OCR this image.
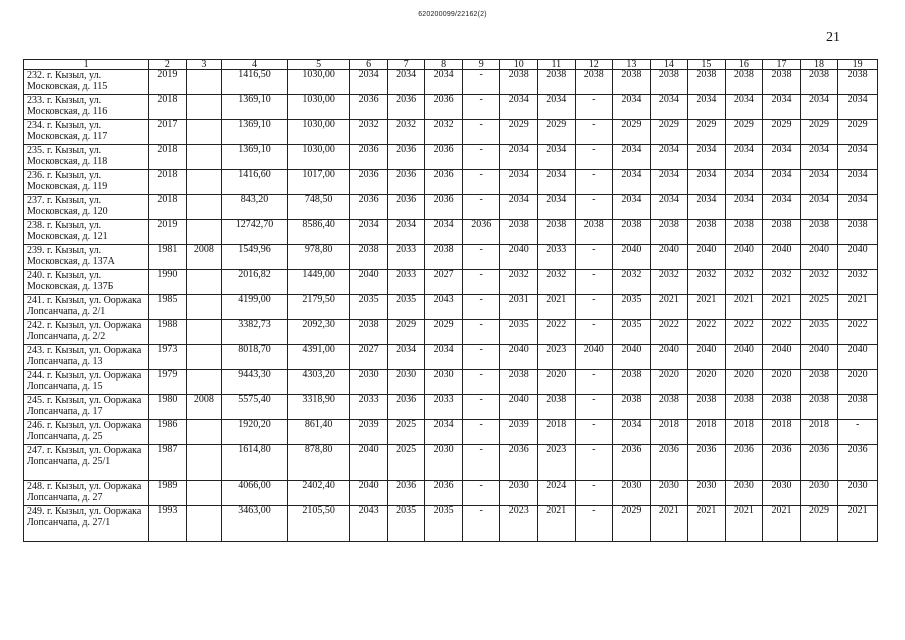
620200099/22162(2)
21
1	2	3	4	5	6	7	8	9	10	11	12	13	14	15	16	17	18	19
232. г. Кызыл, ул. Московская, д. 115	2019		1416,50	1030,00	2034	2034	2034	-	2038	2038	2038	2038	2038	2038	2038	2038	2038	2038
233. г. Кызыл, ул. Московская, д. 116	2018		1369,10	1030,00	2036	2036	2036	-	2034	2034	-	2034	2034	2034	2034	2034	2034	2034
234. г. Кызыл, ул. Московская, д. 117	2017		1369,10	1030,00	2032	2032	2032	-	2029	2029	-	2029	2029	2029	2029	2029	2029	2029
235. г. Кызыл, ул. Московская, д. 118	2018		1369,10	1030,00	2036	2036	2036	-	2034	2034	-	2034	2034	2034	2034	2034	2034	2034
236. г. Кызыл, ул. Московская, д. 119	2018		1416,60	1017,00	2036	2036	2036	-	2034	2034	-	2034	2034	2034	2034	2034	2034	2034
237. г. Кызыл, ул. Московская, д. 120	2018		843,20	748,50	2036	2036	2036	-	2034	2034	-	2034	2034	2034	2034	2034	2034	2034
238. г. Кызыл, ул. Московская, д. 121	2019		12742,70	8586,40	2034	2034	2034	2036	2038	2038	2038	2038	2038	2038	2038	2038	2038	2038
239. г. Кызыл, ул. Московская, д. 137А	1981	2008	1549,96	978,80	2038	2033	2038	-	2040	2033	-	2040	2040	2040	2040	2040	2040	2040
240. г. Кызыл, ул. Московская, д. 137Б	1990		2016,82	1449,00	2040	2033	2027	-	2032	2032	-	2032	2032	2032	2032	2032	2032	2032
241. г. Кызыл, ул. Ооржака Лопсанчапа, д. 2/1	1985		4199,00	2179,50	2035	2035	2043	-	2031	2021	-	2035	2021	2021	2021	2021	2025	2021
242. г. Кызыл, ул. Ооржака Лопсанчапа, д. 2/2	1988		3382,73	2092,30	2038	2029	2029	-	2035	2022	-	2035	2022	2022	2022	2022	2035	2022
243. г. Кызыл, ул. Ооржака Лопсанчапа, д. 13	1973		8018,70	4391,00	2027	2034	2034	-	2040	2023	2040	2040	2040	2040	2040	2040	2040	2040
244. г. Кызыл, ул. Ооржака Лопсанчапа, д. 15	1979		9443,30	4303,20	2030	2030	2030	-	2038	2020	-	2038	2020	2020	2020	2020	2038	2020
245. г. Кызыл, ул. Ооржака Лопсанчапа, д. 17	1980	2008	5575,40	3318,90	2033	2036	2033	-	2040	2038	-	2038	2038	2038	2038	2038	2038	2038
246. г. Кызыл, ул. Ооржака Лопсанчапа, д. 25	1986		1920,20	861,40	2039	2025	2034	-	2039	2018	-	2034	2018	2018	2018	2018	2018	-
247. г. Кызыл, ул. Ооржака Лопсанчапа, д. 25/1	1987		1614,80	878,80	2040	2025	2030	-	2036	2023	-	2036	2036	2036	2036	2036	2036	2036
248. г. Кызыл, ул. Ооржака Лопсанчапа, д. 27	1989		4066,00	2402,40	2040	2036	2036	-	2030	2024	-	2030	2030	2030	2030	2030	2030	2030
249. г. Кызыл, ул. Ооржака Лопсанчапа, д. 27/1	1993		3463,00	2105,50	2043	2035	2035	-	2023	2021	-	2029	2021	2021	2021	2021	2029	2021
